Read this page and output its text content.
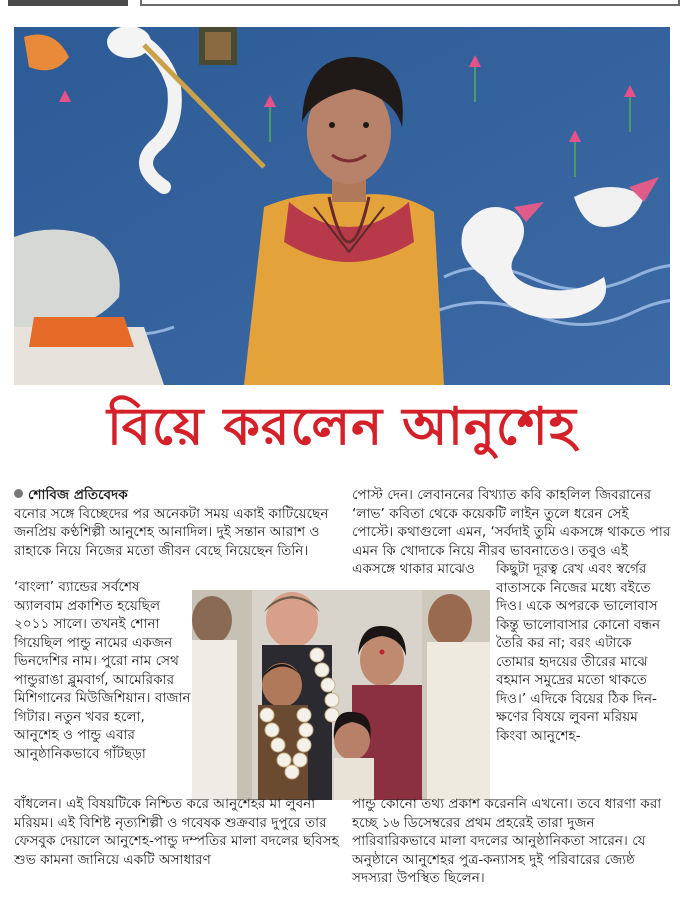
বিয়ে করলেন আনুশেহ

শোবিজ প্রতিবেদক

বনোর সঙ্গে বিচ্ছেদের পর অনেকটা সময় একাই কাটিয়েছেন জনপ্রিয় কণ্ঠশিল্পী আনুশেহ আনাদিল। দুই সন্তান আরাশ ও রাহাকে নিয়ে নিজের মতো জীবন বেছে নিয়েছেন তিনি।

‘বাংলা’ ব্যান্ডের সর্বশেষ অ্যালবাম প্রকাশিত হয়েছিল ২০১১ সালে। তখনই শোনা গিয়েছিল পান্ডু নামের একজন ভিনদেশির নাম। পুরো নাম সেথ পান্ডুরাঙা ব্লুমবার্গ, আমেরিকার মিশিগানের মিউজিশিয়ান। বাজান গিটার। নতুন খবর হলো, আনুশেহ ও পান্ডু এবার আনুষ্ঠানিকভাবে গাঁটছড়া

বাঁধলেন। এই বিষয়টিকে নিশ্চিত করে আনুশেহর মা লুবনা মরিয়ম। এই বিশিষ্ট নৃত্যশিল্পী ও গবেষক শুক্রবার দুপুরে তার ফেসবুক দেয়ালে আনুশেহ-পান্ডু দম্পতির মালা বদলের ছবিসহ শুভ কামনা জানিয়ে একটি অসাধারণ

পোস্ট দেন। লেবাননের বিখ্যাত কবি কাহলিল জিবরানের ‘লাভ’ কবিতা থেকে কয়েকটি লাইন তুলে ধরেন সেই পোস্টে। কথাগুলো এমন, ‘সর্বদাই তুমি একসঙ্গে থাকতে পার এমন কি খোদাকে নিয়ে নীরব ভাবনাতেও। তবুও এই একসঙ্গে থাকার মাঝেও	কিছুটা দূরত্ব রেখ এবং স্বর্গের বাতাসকে নিজের মধ্যে বইতে দিও। একে অপরকে ভালোবাস কিন্তু ভালোবাসার কোনো বন্ধন তৈরি কর না; বরং এটাকে তোমার হৃদয়ের তীরের মাঝে বহমান সমুদ্রের মতো থাকতে দিও।’ এদিকে বিয়ের ঠিক দিন-ক্ষণের বিষয়ে লুবনা মরিয়ম কিংবা আনুশেহ-

পান্ডু কোনো তথ্য প্রকাশ করেননি এখনো। তবে ধারণা করা হচ্ছে ১৬ ডিসেম্বরের প্রথম প্রহরেই তারা দুজন পারিবারিকভাবে মালা বদলের আনুষ্ঠানিকতা সারেন। যে অনুষ্ঠানে আনুশেহর পুত্র-কন্যাসহ দুই পরিবারের জ্যেষ্ঠ সদস্যরা উপস্থিত ছিলেন।
